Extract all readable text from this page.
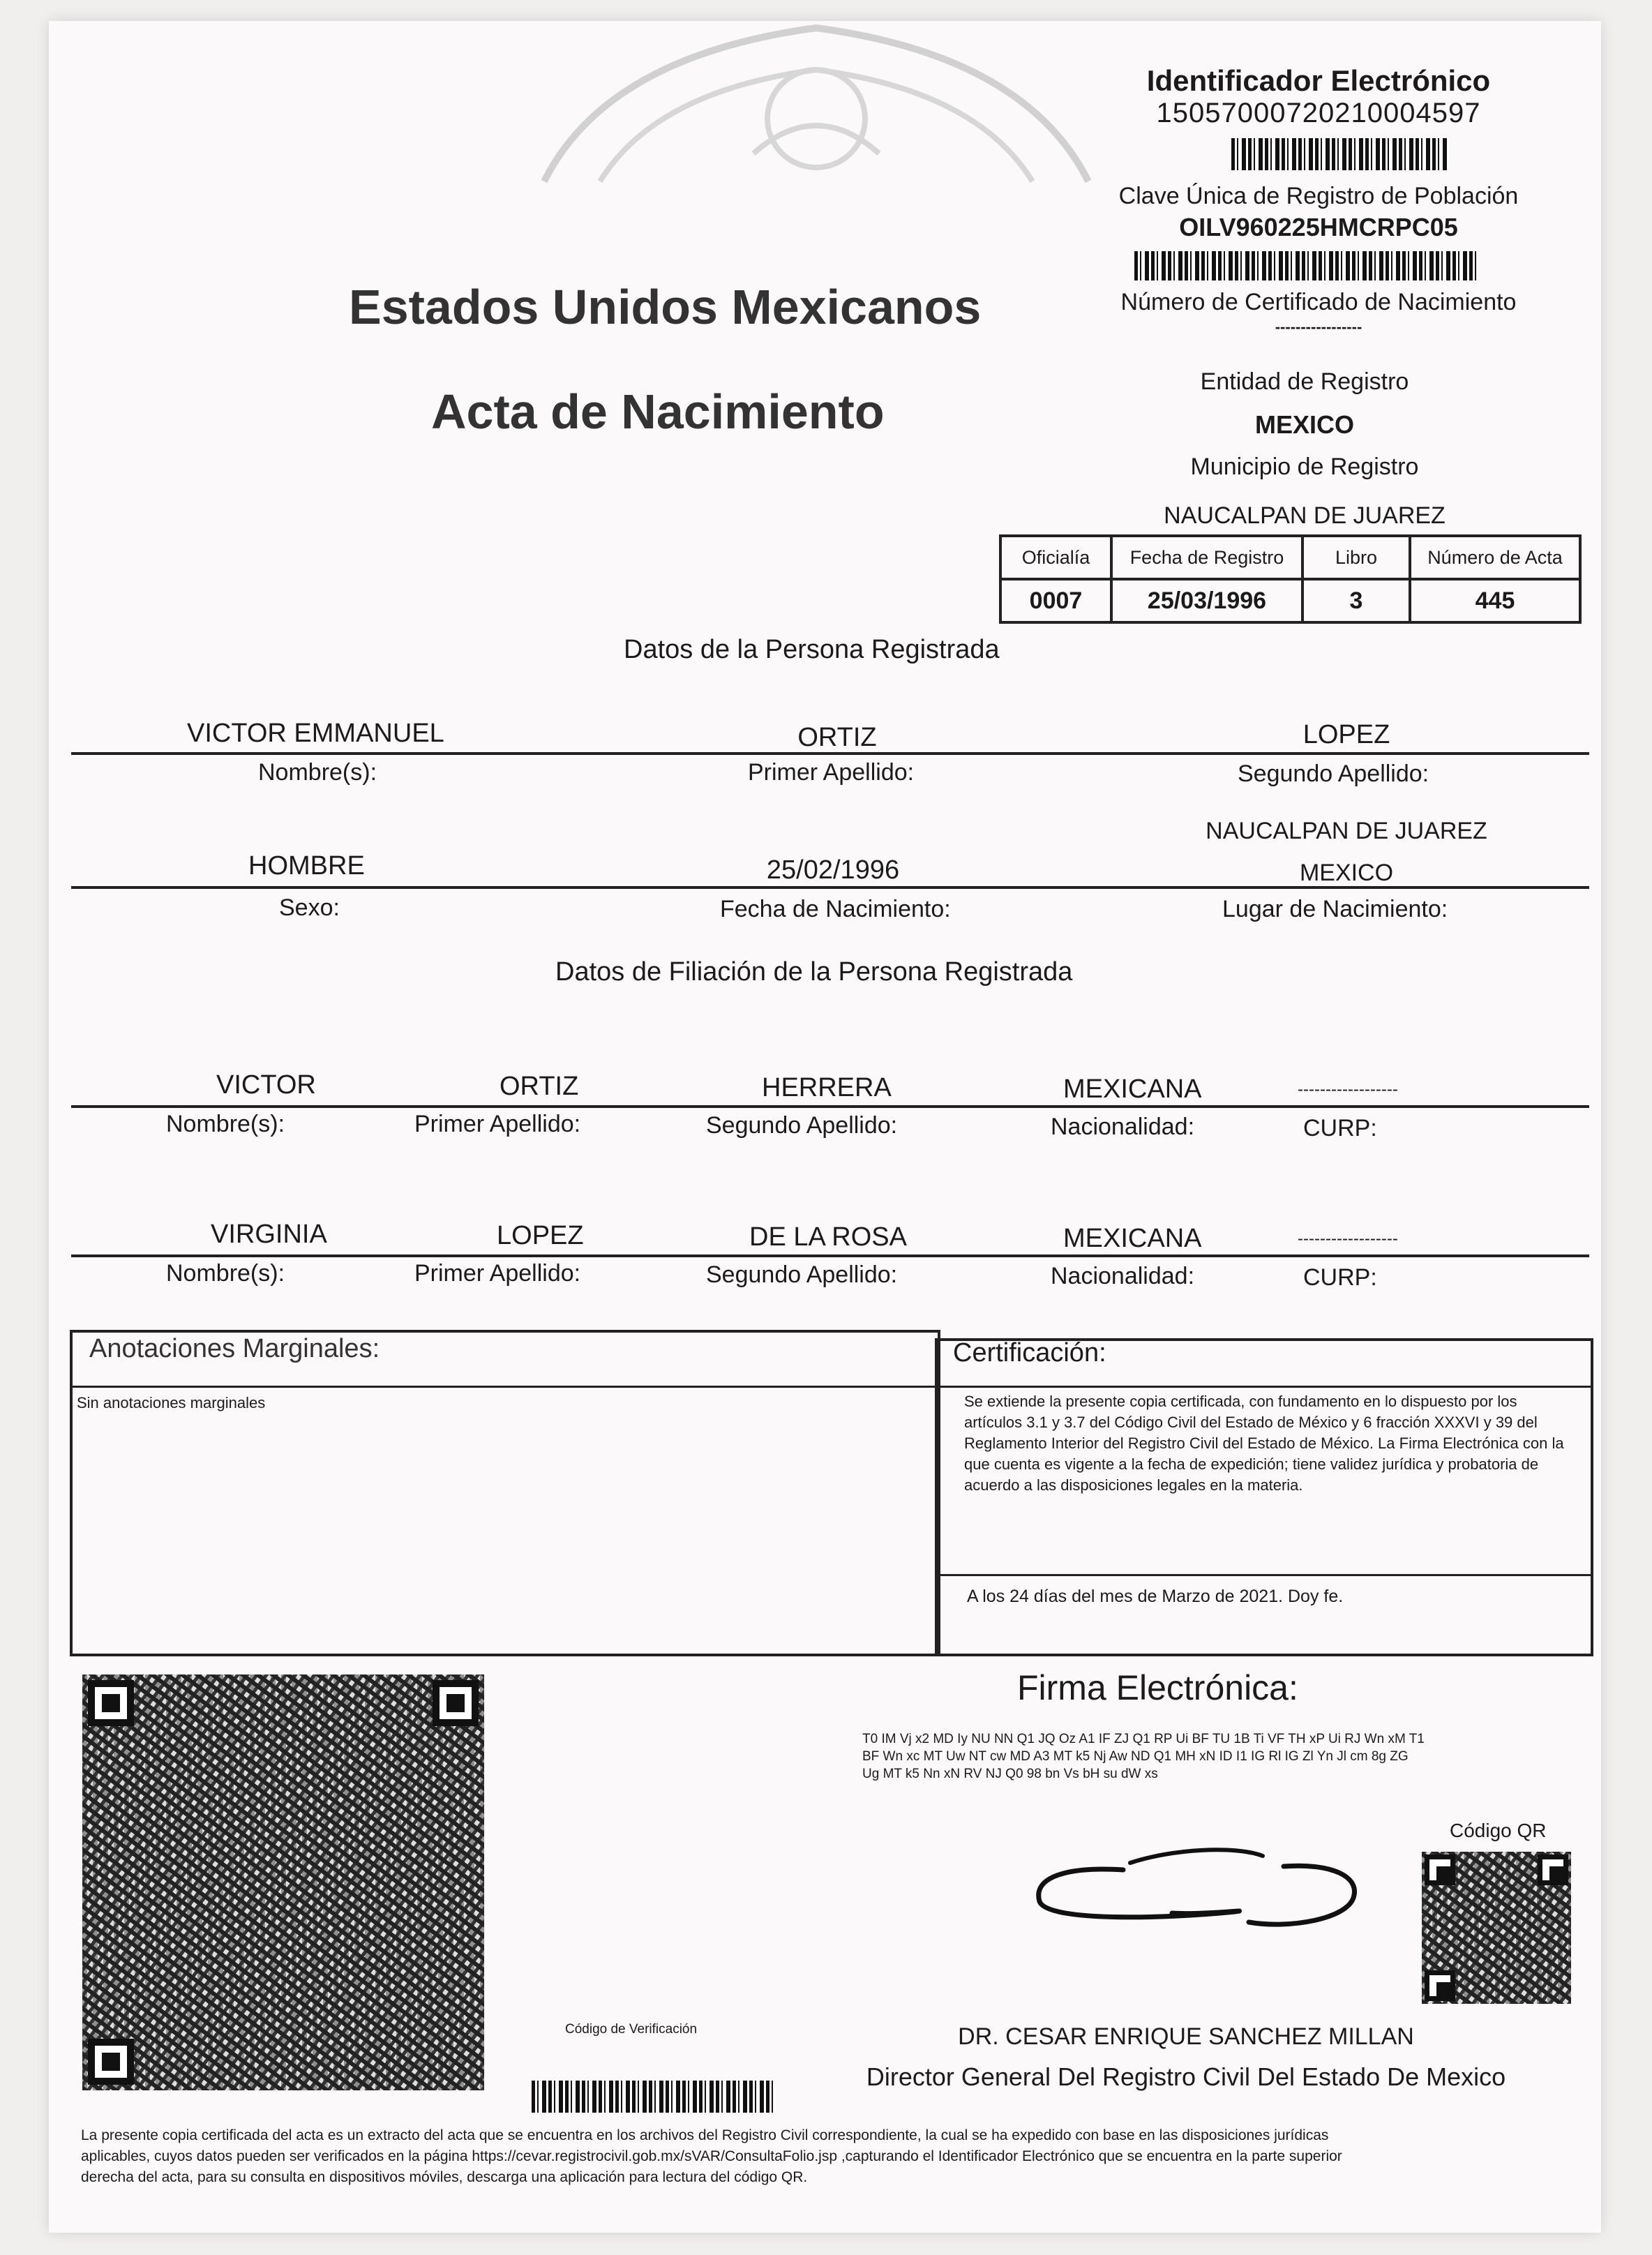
Identificador Electrónico
15057000720210004597
Clave Única de Registro de Población
OILV960225HMCRPC05
Número de Certificado de Nacimiento
-----------------
Estados Unidos Mexicanos
Acta de Nacimiento
Entidad de Registro
MEXICO
Municipio de Registro
NAUCALPAN DE JUAREZ
Oficialía	Fecha de Registro	Libro	Número de Acta
0007	25/03/1996	3	445
Datos de la Persona Registrada
VICTOR EMMANUEL	ORTIZ	LOPEZ
Nombre(s):	Primer Apellido:	Segundo Apellido:
NAUCALPAN DE JUAREZ
HOMBRE	25/02/1996	MEXICO
Sexo:	Fecha de Nacimiento:	Lugar de Nacimiento:
Datos de Filiación de la Persona Registrada
VICTOR	ORTIZ	HERRERA	MEXICANA	------------------
Nombre(s):	Primer Apellido:	Segundo Apellido:	Nacionalidad:	CURP:
VIRGINIA	LOPEZ	DE LA ROSA	MEXICANA	------------------
Nombre(s):	Primer Apellido:	Segundo Apellido:	Nacionalidad:	CURP:
Anotaciones Marginales:
Sin anotaciones marginales
Certificación:
Se extiende la presente copia certificada, con fundamento en lo dispuesto por los artículos 3.1 y 3.7 del Código Civil del Estado de México y 6 fracción XXXVI y 39 del Reglamento Interior del Registro Civil del Estado de México. La Firma Electrónica con la que cuenta es vigente a la fecha de expedición; tiene validez jurídica y probatoria de acuerdo a las disposiciones legales en la materia.
A los 24 días del mes de Marzo de 2021. Doy fe.
Código de Verificación
Firma Electrónica:
T0 IM Vj x2 MD Iy NU NN Q1 JQ Oz A1 IF ZJ Q1 RP Ui BF TU 1B Ti VF TH xP Ui RJ Wn xM T1
BF Wn xc MT Uw NT cw MD A3 MT k5 Nj Aw ND Q1 MH xN ID I1 IG Rl IG Zl Yn Jl cm 8g ZG
Ug MT k5 Nn xN RV NJ Q0 98 bn Vs bH su dW xs
Código QR
DR. CESAR ENRIQUE SANCHEZ MILLAN
Director General Del Registro Civil Del Estado De Mexico
La presente copia certificada del acta es un extracto del acta que se encuentra en los archivos del Registro Civil correspondiente, la cual se ha expedido con base en las disposiciones jurídicas
aplicables, cuyos datos pueden ser verificados en la página https://cevar.registrocivil.gob.mx/sVAR/ConsultaFolio.jsp ,capturando el Identificador Electrónico que se encuentra en la parte superior
derecha del acta, para su consulta en dispositivos móviles, descarga una aplicación para lectura del código QR.
